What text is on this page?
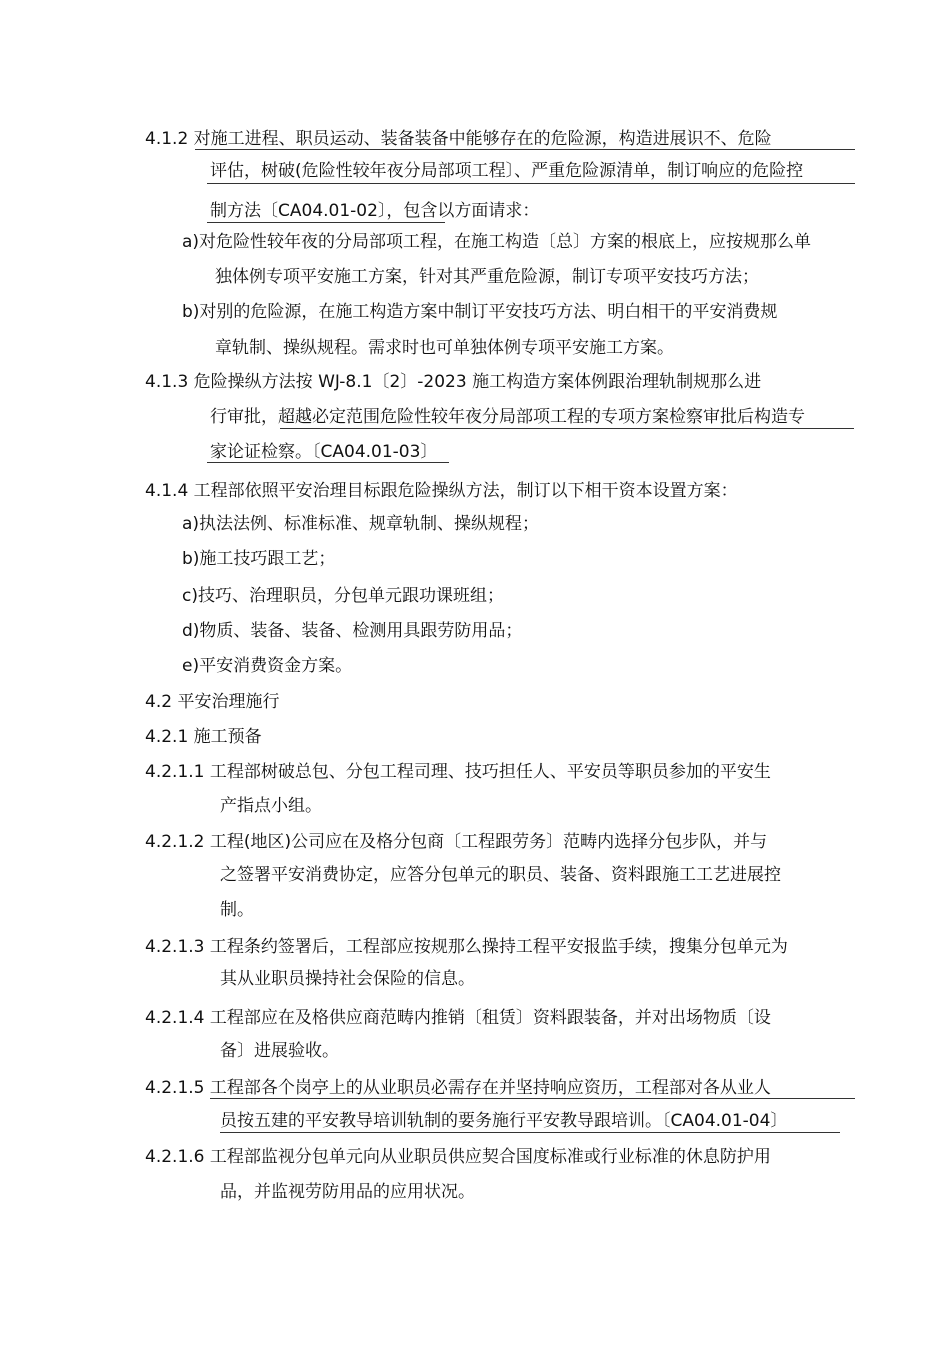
4.1.2 对施工进程、职员运动、装备装备中能够存在的危险源，构造进展识不、危险
评估，树破(危险性较年夜分局部项工程〕、严重危险源清单，制订响应的危险控
制方法〔CA04.01-02〕，包含以方面请求：
a)对危险性较年夜的分局部项工程，在施工构造〔总〕方案的根底上，应按规那么单
独体例专项平安施工方案，针对其严重危险源，制订专项平安技巧方法；
b)对别的危险源，在施工构造方案中制订平安技巧方法、明白相干的平安消费规
章轨制、操纵规程。需求时也可单独体例专项平安施工方案。
4.1.3 危险操纵方法按 WJ-8.1〔2〕-2023 施工构造方案体例跟治理轨制规那么进
行审批，超越必定范围危险性较年夜分局部项工程的专项方案检察审批后构造专
家论证检察。〔CA04.01-03〕
4.1.4 工程部依照平安治理目标跟危险操纵方法，制订以下相干资本设置方案：
a)执法法例、标准标准、规章轨制、操纵规程；
b)施工技巧跟工艺；
c)技巧、治理职员，分包单元跟功课班组；
d)物质、装备、装备、检测用具跟劳防用品；
e)平安消费资金方案。
4.2 平安治理施行
4.2.1 施工预备
4.2.1.1 工程部树破总包、分包工程司理、技巧担任人、平安员等职员参加的平安生
产指点小组。
4.2.1.2 工程(地区)公司应在及格分包商〔工程跟劳务〕范畴内选择分包步队，并与
之签署平安消费协定，应答分包单元的职员、装备、资料跟施工工艺进展控
制。
4.2.1.3 工程条约签署后，工程部应按规那么操持工程平安报监手续，搜集分包单元为
其从业职员操持社会保险的信息。
4.2.1.4 工程部应在及格供应商范畴内推销〔租赁〕资料跟装备，并对出场物质〔设
备〕进展验收。
4.2.1.5 工程部各个岗亭上的从业职员必需存在并坚持响应资历，工程部对各从业人
员按五建的平安教导培训轨制的要务施行平安教导跟培训。〔CA04.01-04〕
4.2.1.6 工程部监视分包单元向从业职员供应契合国度标准或行业标准的休息防护用
品，并监视劳防用品的应用状况。
